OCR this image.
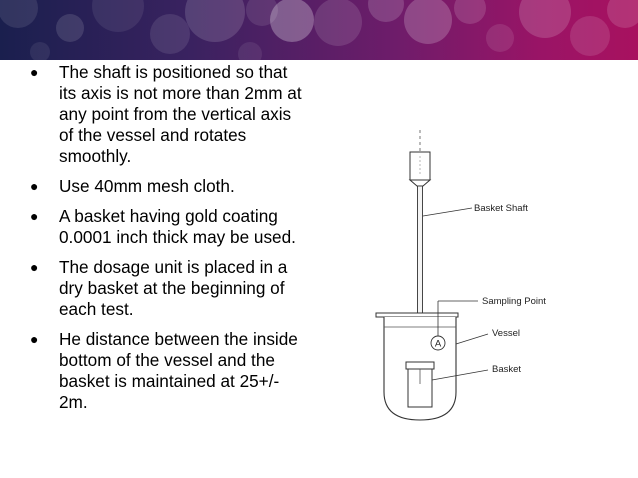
● The shaft is positioned so that
its axis is not more than 2mm at
any point from the vertical axis
of the vessel and rotates
smoothly.
● Use 40mm mesh cloth.
● A basket having gold coating
0.0001 inch thick may be used.
● The dosage unit is placed in a
dry basket at the beginning of
each test.
● He distance between the inside
bottom of the vessel and the
basket is maintained at 25+/-
2m.
A
Basket Shaft
Sampling Point
Vessel
Basket
